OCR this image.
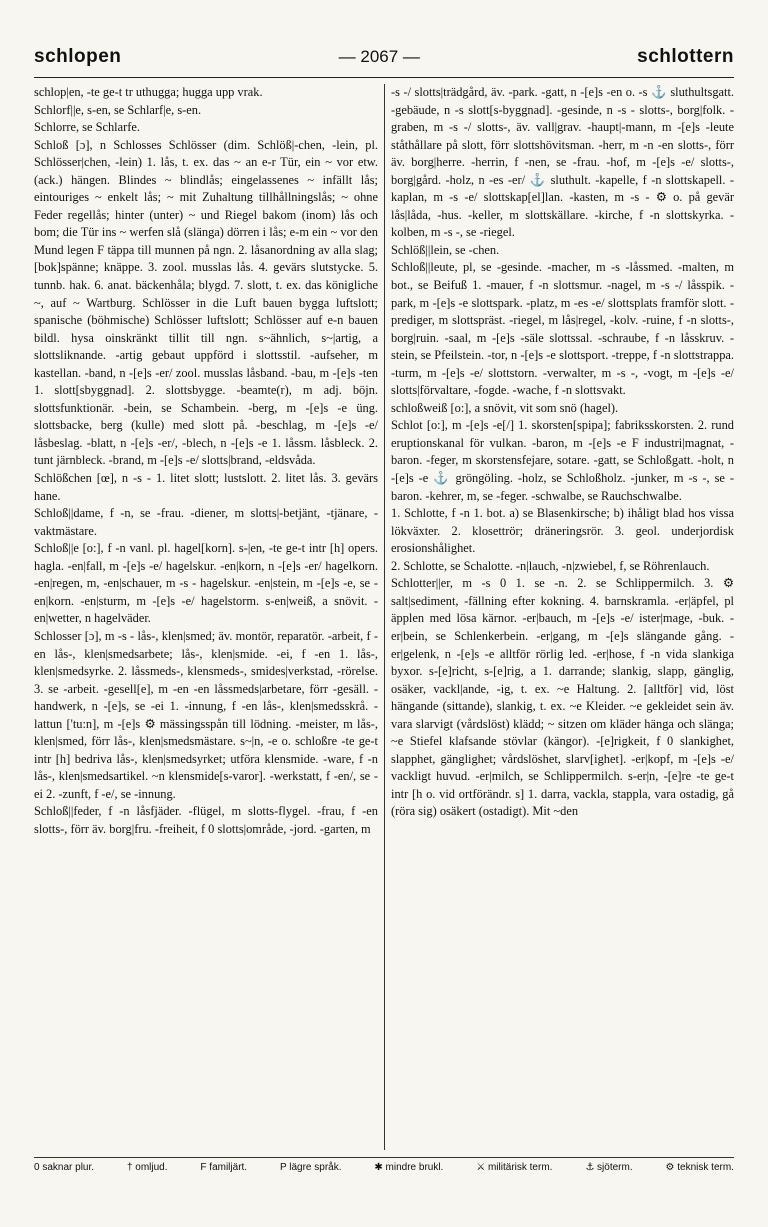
schlopen	— 2067 —	schlottern

schlop|en, -te ge-t tr uthugga; hugga upp vrak.

Schlorf||e, s-en, se Schlarf|e, s-en.

Schlorre, se Schlarfe.

Schloß [ɔ], n Schlosses Schlösser (dim. Schlöß|-chen, -lein, pl. Schlösser|chen, -lein) 1. lås, t. ex. das ~ an e-r Tür, ein ~ vor etw. (ack.) hängen. Blindes ~ blindlås; eingelassenes ~ infällt lås; eintouriges ~ enkelt lås; ~ mit Zuhaltung tillhållningslås; ~ ohne Feder regellås; hinter (unter) ~ und Riegel bakom (inom) lås och bom; die Tür ins ~ werfen slå (slänga) dörren i lås; e-m ein ~ vor den Mund legen F täppa till munnen på ngn. 2. låsanordning av alla slag; [bok]spänne; knäppe. 3. zool. musslas lås. 4. gevärs slutstycke. 5. tunnb. hak. 6. anat. bäckenhåla; blygd. 7. slott, t. ex. das königliche ~, auf ~ Wartburg. Schlösser in die Luft bauen bygga luftslott; spanische (böhmische) Schlösser luftslott; Schlösser auf e-n bauen bildl. hysa oinskränkt tillit till ngn. s~ähnlich, s~|artig, a slottsliknande. -artig gebaut uppförd i slottsstil. -aufseher, m kastellan. -band, n -[e]s -er/ zool. musslas låsband. -bau, m -[e]s -ten 1. slott[sbyggnad]. 2. slottsbygge. -beamte(r), m adj. böjn. slottsfunktionär. -bein, se Schambein. -berg, m -[e]s -e üng. slottsbacke, berg (kulle) med slott på. -beschlag, m -[e]s -e/ låsbeslag. -blatt, n -[e]s -er/, -blech, n -[e]s -e 1. låssm. låsbleck. 2. tunt järnbleck. -brand, m -[e]s -e/ slotts|brand, -eldsvåda.

Schlößchen [œ], n -s - 1. litet slott; lustslott. 2. litet lås. 3. gevärs hane.

Schloß||dame, f -n, se -frau. -diener, m slotts|-betjänt, -tjänare, -vaktmästare.

Schloß||e [o:], f -n vanl. pl. hagel[korn]. s-|en, -te ge-t intr [h] opers. hagla. -en|fall, m -[e]s -e/ hagelskur. -en|korn, n -[e]s -er/ hagelkorn. -en|regen, m, -en|schauer, m -s - hagelskur. -en|stein, m -[e]s -e, se -en|korn. -en|sturm, m -[e]s -e/ hagelstorm. s-en|weiß, a snövit. -en|wetter, n hagelväder.

Schlosser [ɔ], m -s - lås-, klen|smed; äv. montör, reparatör. -arbeit, f -en lås-, klen|smedsarbete; lås-, klen|smide. -ei, f -en 1. lås-, klen|smedsyrke. 2. låssmeds-, klensmeds-, smides|verkstad, -rörelse. 3. se -arbeit. -gesell[e], m -en -en låssmeds|arbetare, förr -gesäll. -handwerk, n -[e]s, se -ei 1. -innung, f -en lås-, klen|smedsskrå. -lattun ['tu:n], m -[e]s ⚙ mässingsspån till lödning. -meister, m lås-, klen|smed, förr lås-, klen|smedsmästare. s~|n, -e o. schloßre -te ge-t intr [h] bedriva lås-, klen|smedsyrket; utföra klensmide. -ware, f -n lås-, klen|smedsartikel. ~n klensmide[s-varor]. -werkstatt, f -en/, se -ei 2. -zunft, f -e/, se -innung.

Schloß||feder, f -n låsfjäder. -flügel, m slotts-flygel. -frau, f -en slotts-, förr äv. borg|fru. -freiheit, f 0 slotts|område, -jord. -garten, m

-s -/ slotts|trädgård, äv. -park. -gatt, n -[e]s -en o. -s ⚓ sluthultsgatt. -gebäude, n -s slott[s-byggnad]. -gesinde, n -s - slotts-, borg|folk. -graben, m -s -/ slotts-, äv. vall|grav. -haupt|-mann, m -[e]s -leute ståthållare på slott, förr slottshövitsman. -herr, m -n -en slotts-, förr äv. borg|herre. -herrin, f -nen, se -frau. -hof, m -[e]s -e/ slotts-, borg|gård. -holz, n -es -er/ ⚓ sluthult. -kapelle, f -n slottskapell. -kaplan, m -s -e/ slottskap[el]lan. -kasten, m -s - ⚙ o. på gevär lås|låda, -hus. -keller, m slottskällare. -kirche, f -n slottskyrka. -kolben, m -s -, se -riegel.

Schlöß||lein, se -chen.

Schloß||leute, pl, se -gesinde. -macher, m -s -låssmed. -malten, m bot., se Beifuß 1. -mauer, f -n slottsmur. -nagel, m -s -/ låsspik. -park, m -[e]s -e slottspark. -platz, m -es -e/ slottsplats framför slott. -prediger, m slottspräst. -riegel, m lås|regel, -kolv. -ruine, f -n slotts-, borg|ruin. -saal, m -[e]s -säle slottssal. -schraube, f -n låsskruv. -stein, se Pfeilstein. -tor, n -[e]s -e slottsport. -treppe, f -n slottstrappa. -turm, m -[e]s -e/ slottstorn. -verwalter, m -s -, -vogt, m -[e]s -e/ slotts|förvaltare, -fogde. -wache, f -n slottsvakt.

schloßweiß [o:], a snövit, vit som snö (hagel).

Schlot [o:], m -[e]s -e[/] 1. skorsten[spipa]; fabriksskorsten. 2. rund eruptionskanal för vulkan. -baron, m -[e]s -e F industri|magnat, -baron. -feger, m skorstensfejare, sotare. -gatt, se Schloßgatt. -holt, n -[e]s -e ⚓ gröngöling. -holz, se Schloßholz. -junker, m -s -, se -baron. -kehrer, m, se -feger. -schwalbe, se Rauchschwalbe.

1. Schlotte, f -n 1. bot. a) se Blasenkirsche; b) ihåligt blad hos vissa lökväxter. 2. klosettrör; dräneringsrör. 3. geol. underjordisk erosionshålighet.

2. Schlotte, se Schalotte. -n|lauch, -n|zwiebel, f, se Röhrenlauch.

Schlotter||er, m -s 0 1. se -n. 2. se Schlippermilch. 3. ⚙ salt|sediment, -fällning efter kokning. 4. barnskramla. -er|äpfel, pl äpplen med lösa kärnor. -er|bauch, m -[e]s -e/ ister|mage, -buk. -er|bein, se Schlenkerbein. -er|gang, m -[e]s slängande gång. -er|gelenk, n -[e]s -e alltför rörlig led. -er|hose, f -n vida slankiga byxor. s-[e]richt, s-[e]rig, a 1. darrande; slankig, slapp, gänglig, osäker, vackl|ande, -ig, t. ex. ~e Haltung. 2. [alltför] vid, löst hängande (sittande), slankig, t. ex. ~e Kleider. ~e gekleidet sein äv. vara slarvigt (vårdslöst) klädd; ~ sitzen om kläder hänga och slänga; ~e Stiefel klafsande stövlar (kängor). -[e]rigkeit, f 0 slankighet, slapphet, gänglighet; vårdslöshet, slarv[ighet]. -er|kopf, m -[e]s -e/ vackligt huvud. -er|milch, se Schlippermilch. s-er|n, -[e]re -te ge-t intr [h o. vid ortförändr. s] 1. darra, vackla, stappla, vara ostadig, gå (röra sig) osäkert (ostadigt). Mit ~den

0 saknar plur.	† omljud.	F familjärt.	P lägre språk.	✱ mindre brukl.	⚔ militärisk term.	⚓ sjöterm.	⚙ teknisk term.
